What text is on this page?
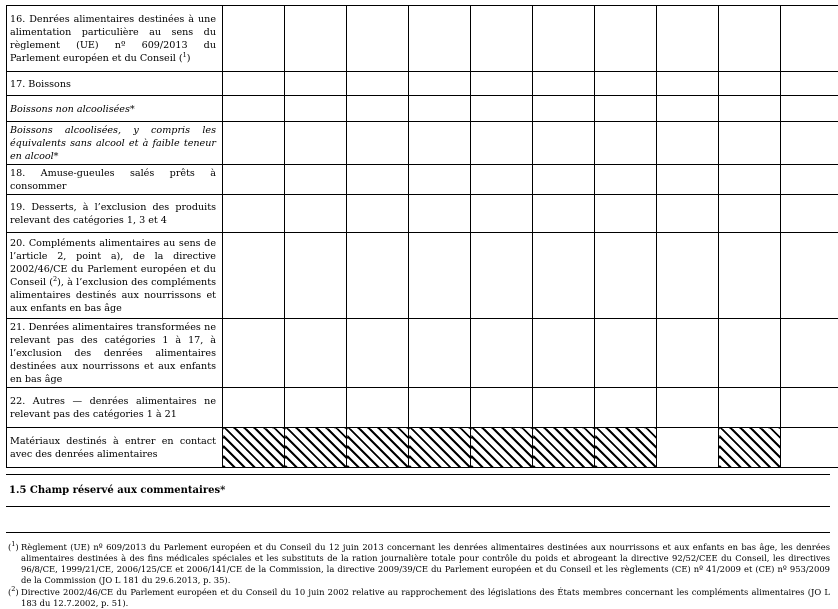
16. Denrées alimentaires destinées à une alimentation particulière au sens du règlement (UE) nº 609/2013 du Parlement européen et du Conseil ($^1$)										
17. Boissons										
Boissons non alcoolisées*										
Boissons alcoolisées, y compris les équivalents sans alcool et à faible teneur en alcool*										
18. Amuse-gueules salés prêts à consommer										
19. Desserts, à l’exclusion des produits relevant des catégories 1, 3 et 4										
20. Compléments alimentaires au sens de l’article 2, point a), de la directive 2002/46/CE du Parlement européen et du Conseil ($^2$), à l’exclusion des compléments alimentaires destinés aux nourrissons et aux enfants en bas âge										
21. Denrées alimentaires transformées ne relevant pas des catégories 1 à 17, à l’exclusion des denrées alimentaires destinées aux nourrissons et aux enfants en bas âge										
22. Autres — denrées alimentaires ne relevant pas des catégories 1 à 21										
Matériaux destinés à entrer en contact avec des denrées alimentaires										
1.5 Champ réservé aux commentaires*
($^1$) Règlement (UE) nº 609/2013 du Parlement européen et du Conseil du 12 juin 2013 concernant les denrées alimentaires destinées aux nourrissons et aux enfants en bas âge, les denrées alimentaires destinées à des fins médicales spéciales et les substituts de la ration journalière totale pour contrôle du poids et abrogeant la directive 92/52/CEE du Conseil, les directives 96/8/CE, 1999/21/CE, 2006/125/CE et 2006/141/CE de la Commission, la directive 2009/39/CE du Parlement européen et du Conseil et les règlements (CE) nº 41/2009 et (CE) nº 953/2009 de la Commission (JO L 181 du 29.6.2013, p. 35).
($^2$) Directive 2002/46/CE du Parlement européen et du Conseil du 10 juin 2002 relative au rapprochement des législations des États membres concernant les compléments alimentaires (JO L 183 du 12.7.2002, p. 51).
